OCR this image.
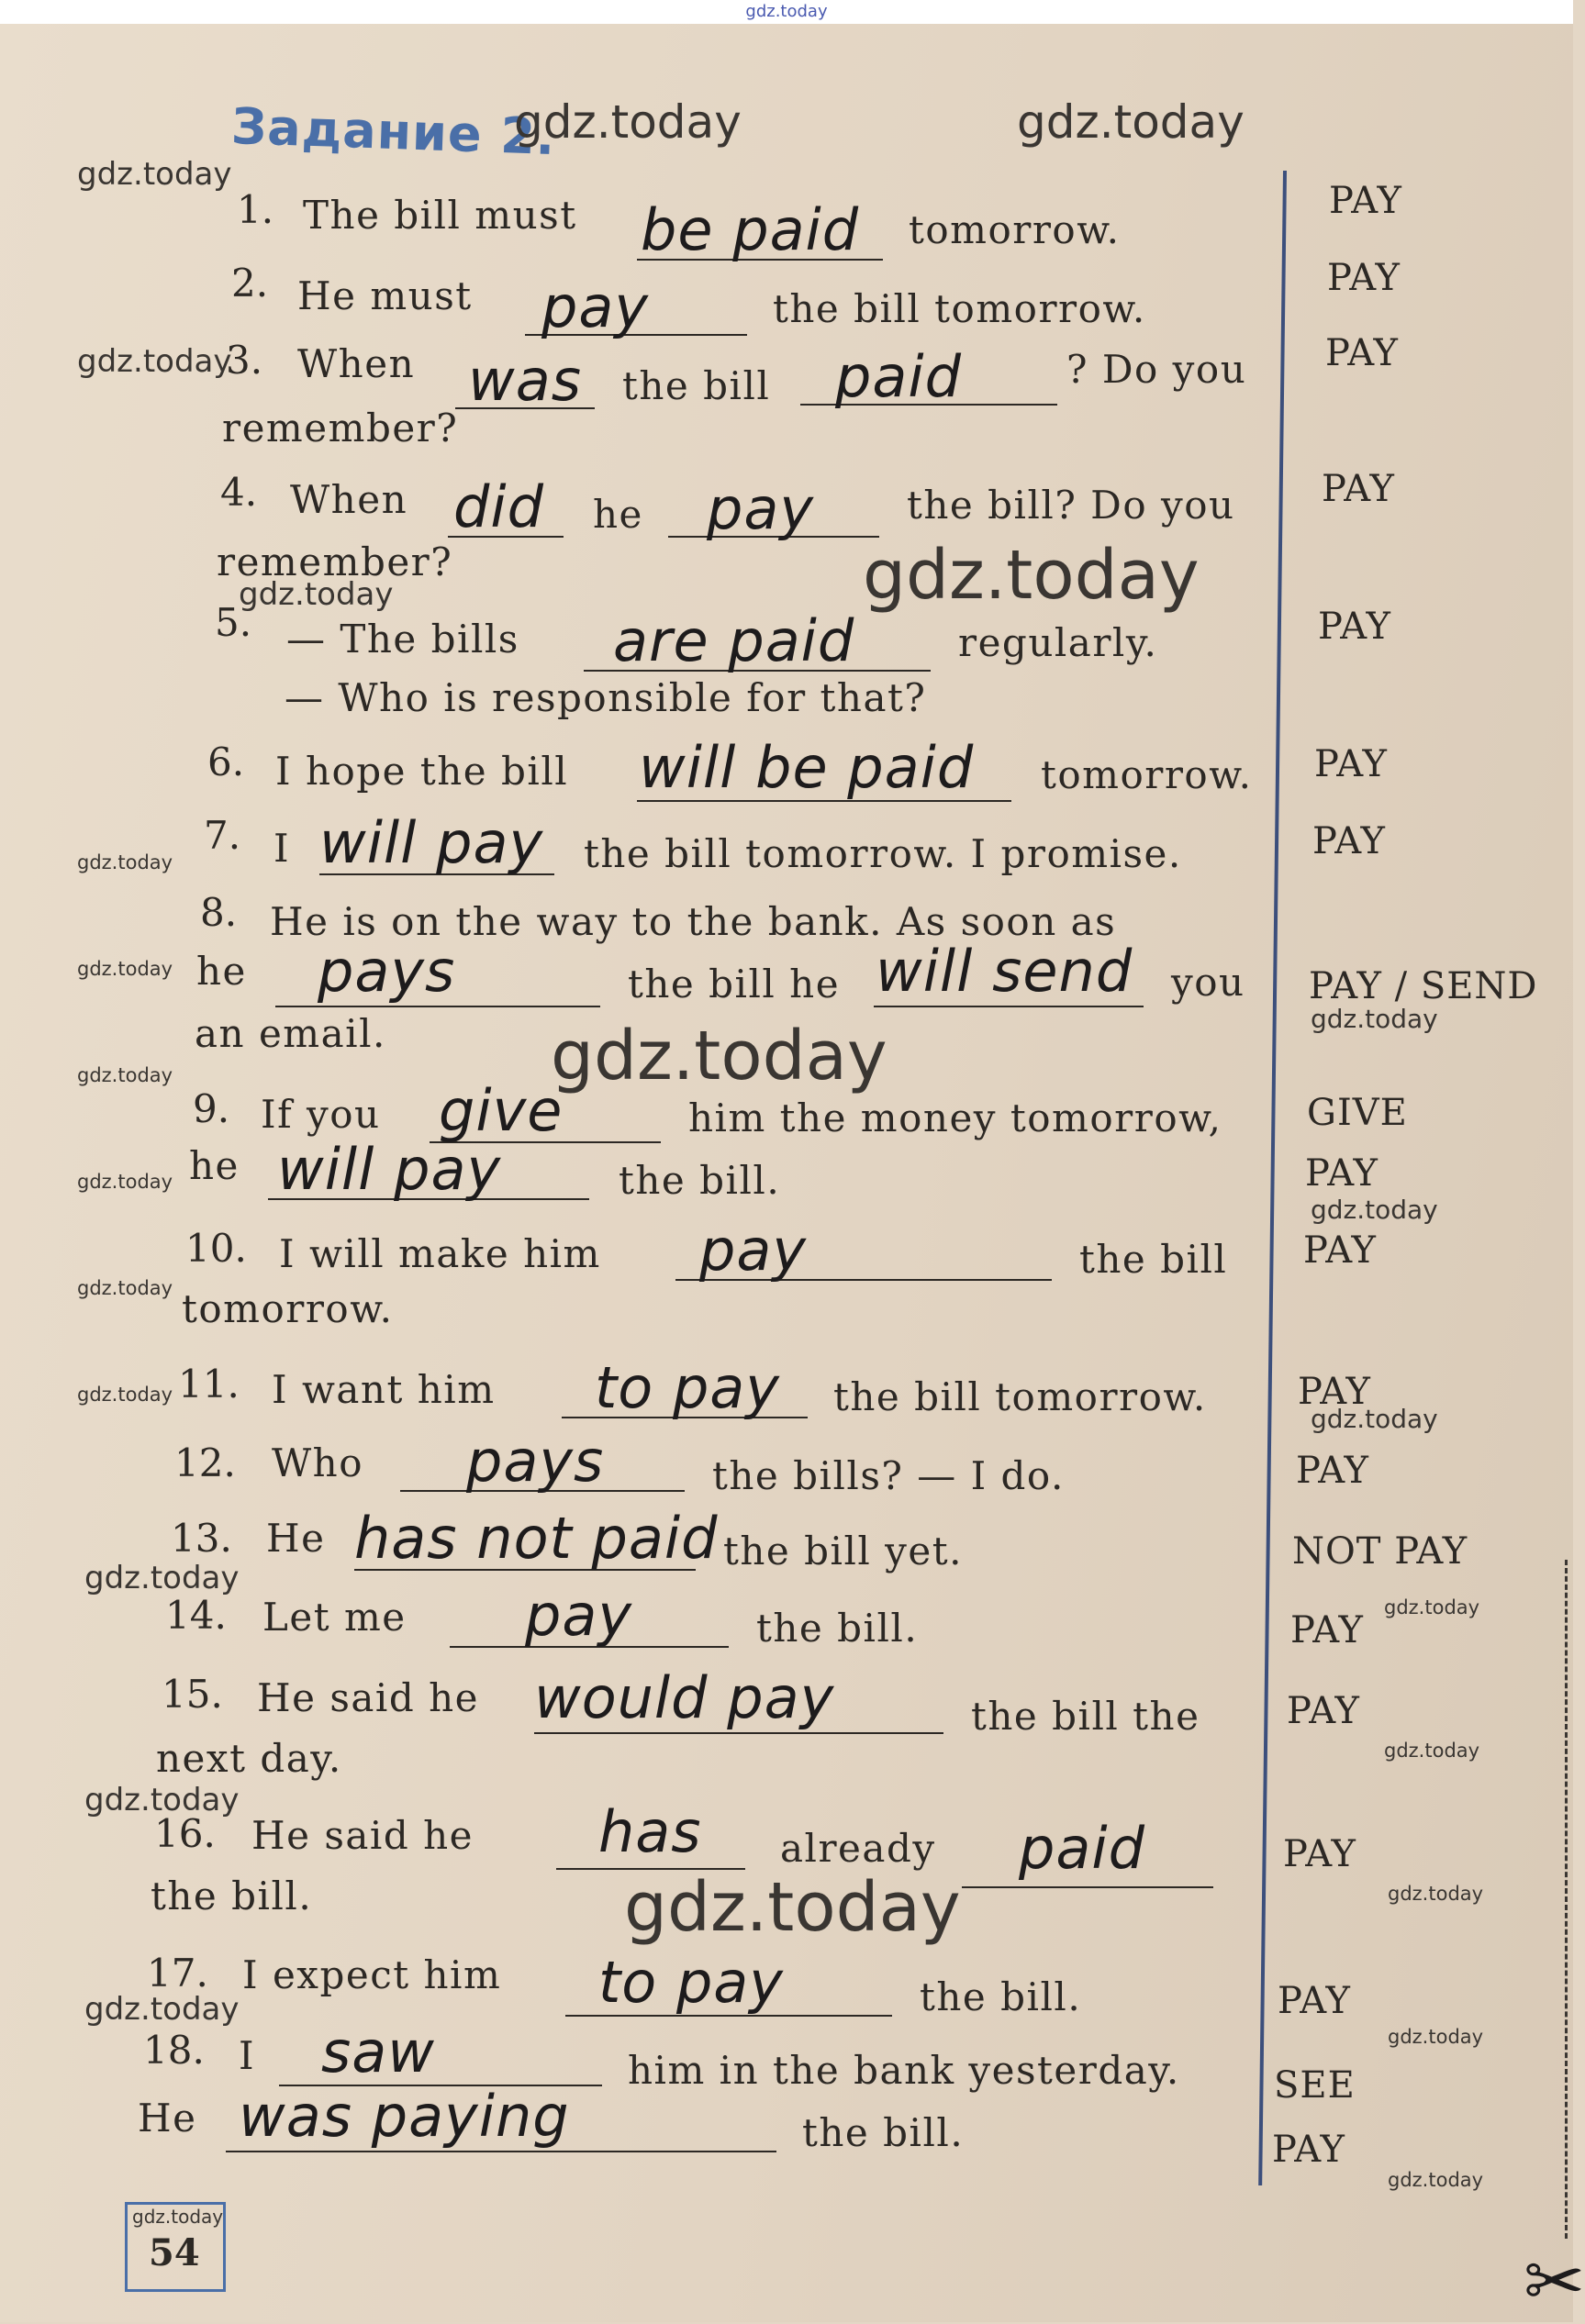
gdz.today
Задание 2.
gdz.today	gdz.today
gdz.today
gdz.today
gdz.today
gdz.today
gdz.today
gdz.today
gdz.today
gdz.today
gdz.today
gdz.today
gdz.today
gdz.today
gdz.today
gdz.today
gdz.today
gdz.today
gdz.today
gdz.today
gdz.today
gdz.today
gdz.today
gdz.today
gdz.today
1. The bill must be paid tomorrow.
2. He must pay	the bill tomorrow.
3. When was the bill paid	? Do you
remember?
4. When did he pay the bill? Do you
remember?
5. — The bills are paid	regularly.
— Who is responsible for that?
6. I hope the bill will be paid tomorrow.
7. I will pay the bill tomorrow. I promise.
8. He is on the way to the bank. As soon as
he pays	the bill he will send you
an email.
9. If you give	him the money tomorrow,
he will pay	the bill.
10. I will make him pay	the bill
tomorrow.
11. I want him to pay the bill tomorrow.
12. Who pays	the bills? — I do.
13. He has not paid the bill yet.
14. Let me pay	the bill.
15. He said he would pay	the bill the
next day.
16. He said he has already paid
the bill.
17. I expect him to pay	the bill.
18. I saw	him in the bank yesterday.
He was paying	the bill.
PAY
PAY
PAY
PAY
PAY
PAY
PAY
PAY / SEND
GIVE
PAY
PAY
PAY
PAY
NOT PAY
PAY
PAY
PAY
PAY
SEE
PAY
gdz.today
54	✂
